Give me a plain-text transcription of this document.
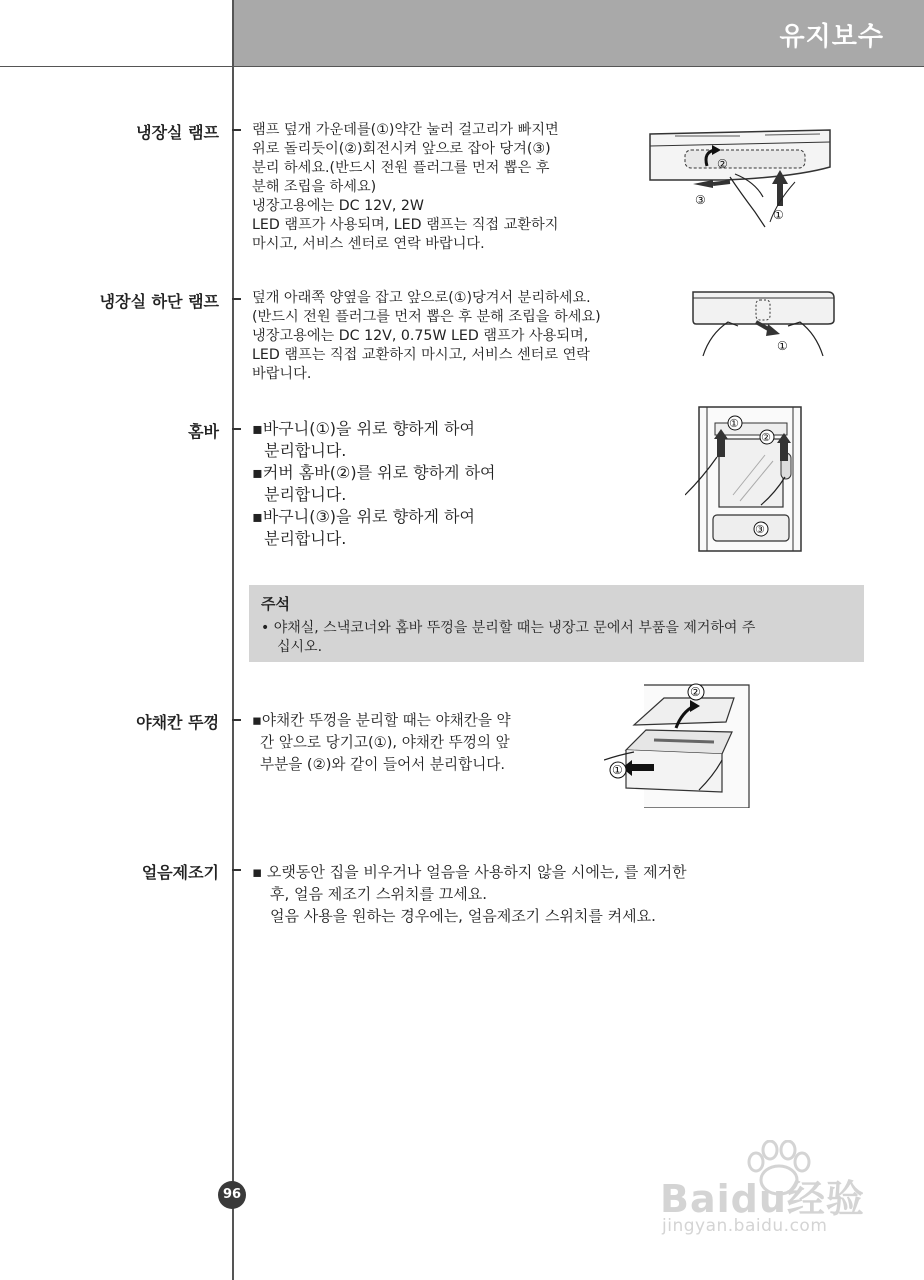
유지보수
냉장실 램프 램프 덮개 가운데를(①)약간 눌러 걸고리가 빠지면
위로 돌리듯이(②)회전시켜 앞으로 잡아 당겨(③)
분리 하세요.(반드시 전원 플러그를 먼저 뽑은 후
분해 조립을 하세요)
냉장고용에는 DC 12V, 2W
LED 램프가 사용되며, LED 램프는 직접 교환하지
마시고, 서비스 센터로 연락 바랍니다.
②
③
①
냉장실 하단 램프 덮개 아래쪽 양옆을 잡고 앞으로(①)당겨서 분리하세요.
(반드시 전원 플러그를 먼저 뽑은 후 분해 조립을 하세요)
냉장고용에는 DC 12V, 0.75W LED 램프가 사용되며,
LED 램프는 직접 교환하지 마시고, 서비스 센터로 연락
바랍니다.
①
홈바 ▪바구니(①)을 위로 향하게 하여
분리합니다.
▪커버 홈바(②)를 위로 향하게 하여
분리합니다.
▪바구니(③)을 위로 향하게 하여
분리합니다.
①
②
③
주석
• 야채실, 스낵코너와 홈바 뚜껑을 분리할 때는 냉장고 문에서 부품을 제거하여 주
십시오.
야채칸 뚜껑 ▪야채칸 뚜껑을 분리할 때는 야채칸을 약
간 앞으로 당기고(①), 야채칸 뚜껑의 앞
부분을 (②)와 같이 들어서 분리합니다.
②
①
얼음제조기 ▪ 오랫동안 집을 비우거나 얼음을 사용하지 않을 시에는, 를 제거한
후, 얼음 제조기 스위치를 끄세요.
얼음 사용을 원하는 경우에는, 얼음제조기 스위치를 켜세요.
96	Baidu经验
jingyan.baidu.com
